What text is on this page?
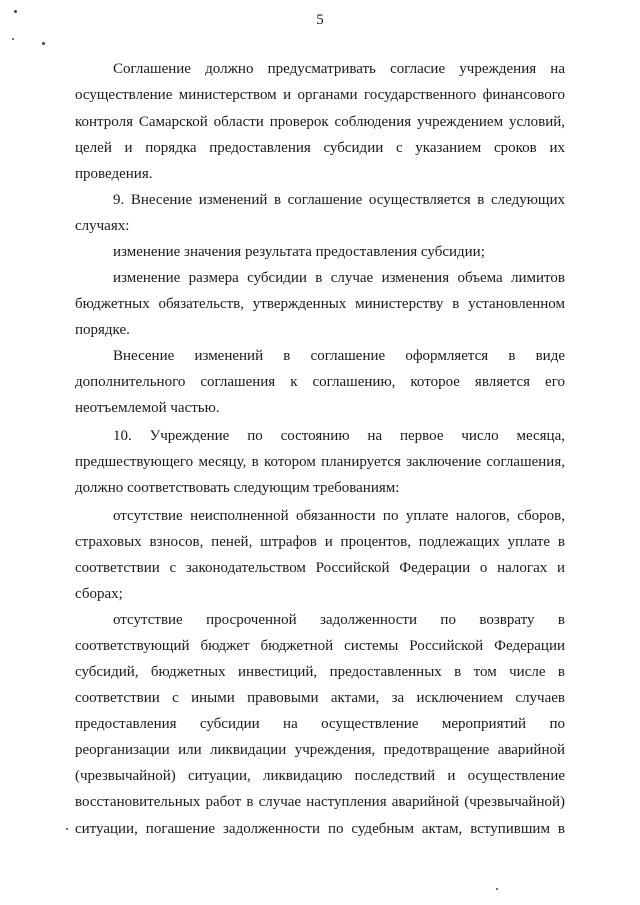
5
Соглашение должно предусматривать согласие учреждения на
осуществление министерством и органами государственного финансового
контроля Самарской области проверок соблюдения учреждением условий,
целей и порядка предоставления субсидии с указанием сроков их
проведения.
9. Внесение изменений в соглашение осуществляется в следующих
случаях:
изменение значения результата предоставления субсидии;
изменение размера субсидии в случае изменения объема лимитов
бюджетных обязательств, утвержденных министерству в установленном
порядке.
Внесение изменений в соглашение оформляется в виде
дополнительного соглашения к соглашению, которое является его
неотъемлемой частью.
10. Учреждение по состоянию на первое число месяца,
предшествующего месяцу, в котором планируется заключение соглашения,
должно соответствовать следующим требованиям:
отсутствие неисполненной обязанности по уплате налогов, сборов,
страховых взносов, пеней, штрафов и процентов, подлежащих уплате в
соответствии с законодательством Российской Федерации о налогах и
сборах;
отсутствие просроченной задолженности по возврату в
соответствующий бюджет бюджетной системы Российской Федерации
субсидий, бюджетных инвестиций, предоставленных в том числе в
соответствии с иными правовыми актами, за исключением случаев
предоставления субсидии на осуществление мероприятий по
реорганизации или ликвидации учреждения, предотвращение аварийной
(чрезвычайной) ситуации, ликвидацию последствий и осуществление
восстановительных работ в случае наступления аварийной (чрезвычайной)
ситуации, погашение задолженности по судебным актам, вступившим в
